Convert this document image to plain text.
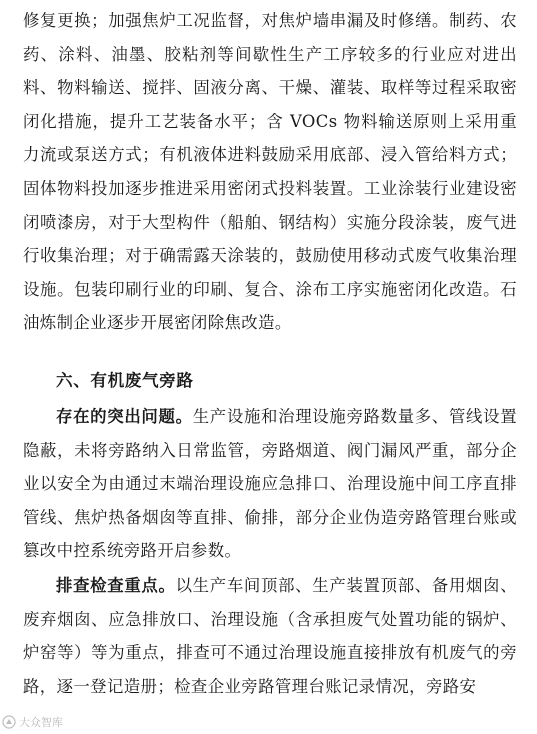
修复更换；加强焦炉工况监督，对焦炉墙串漏及时修缮。制药、农药、涂料、油墨、胶粘剂等间歇性生产工序较多的行业应对进出料、物料输送、搅拌、固液分离、干燥、灌装、取样等过程采取密闭化措施，提升工艺装备水平；含 VOCs 物料输送原则上采用重力流或泵送方式；有机液体进料鼓励采用底部、浸入管给料方式；固体物料投加逐步推进采用密闭式投料装置。工业涂装行业建设密闭喷漆房，对于大型构件（船舶、钢结构）实施分段涂装，废气进行收集治理；对于确需露天涂装的，鼓励使用移动式废气收集治理设施。包装印刷行业的印刷、复合、涂布工序实施密闭化改造。石油炼制企业逐步开展密闭除焦改造。

六、有机废气旁路

存在的突出问题。生产设施和治理设施旁路数量多、管线设置隐蔽，未将旁路纳入日常监管，旁路烟道、阀门漏风严重，部分企业以安全为由通过末端治理设施应急排口、治理设施中间工序直排管线、焦炉热备烟囱等直排、偷排，部分企业伪造旁路管理台账或篡改中控系统旁路开启参数。

排查检查重点。以生产车间顶部、生产装置顶部、备用烟囱、废弃烟囱、应急排放口、治理设施（含承担废气处置功能的锅炉、炉窑等）等为重点，排查可不通过治理设施直接排放有机废气的旁路，逐一登记造册；检查企业旁路管理台账记录情况，旁路安

大众智库
